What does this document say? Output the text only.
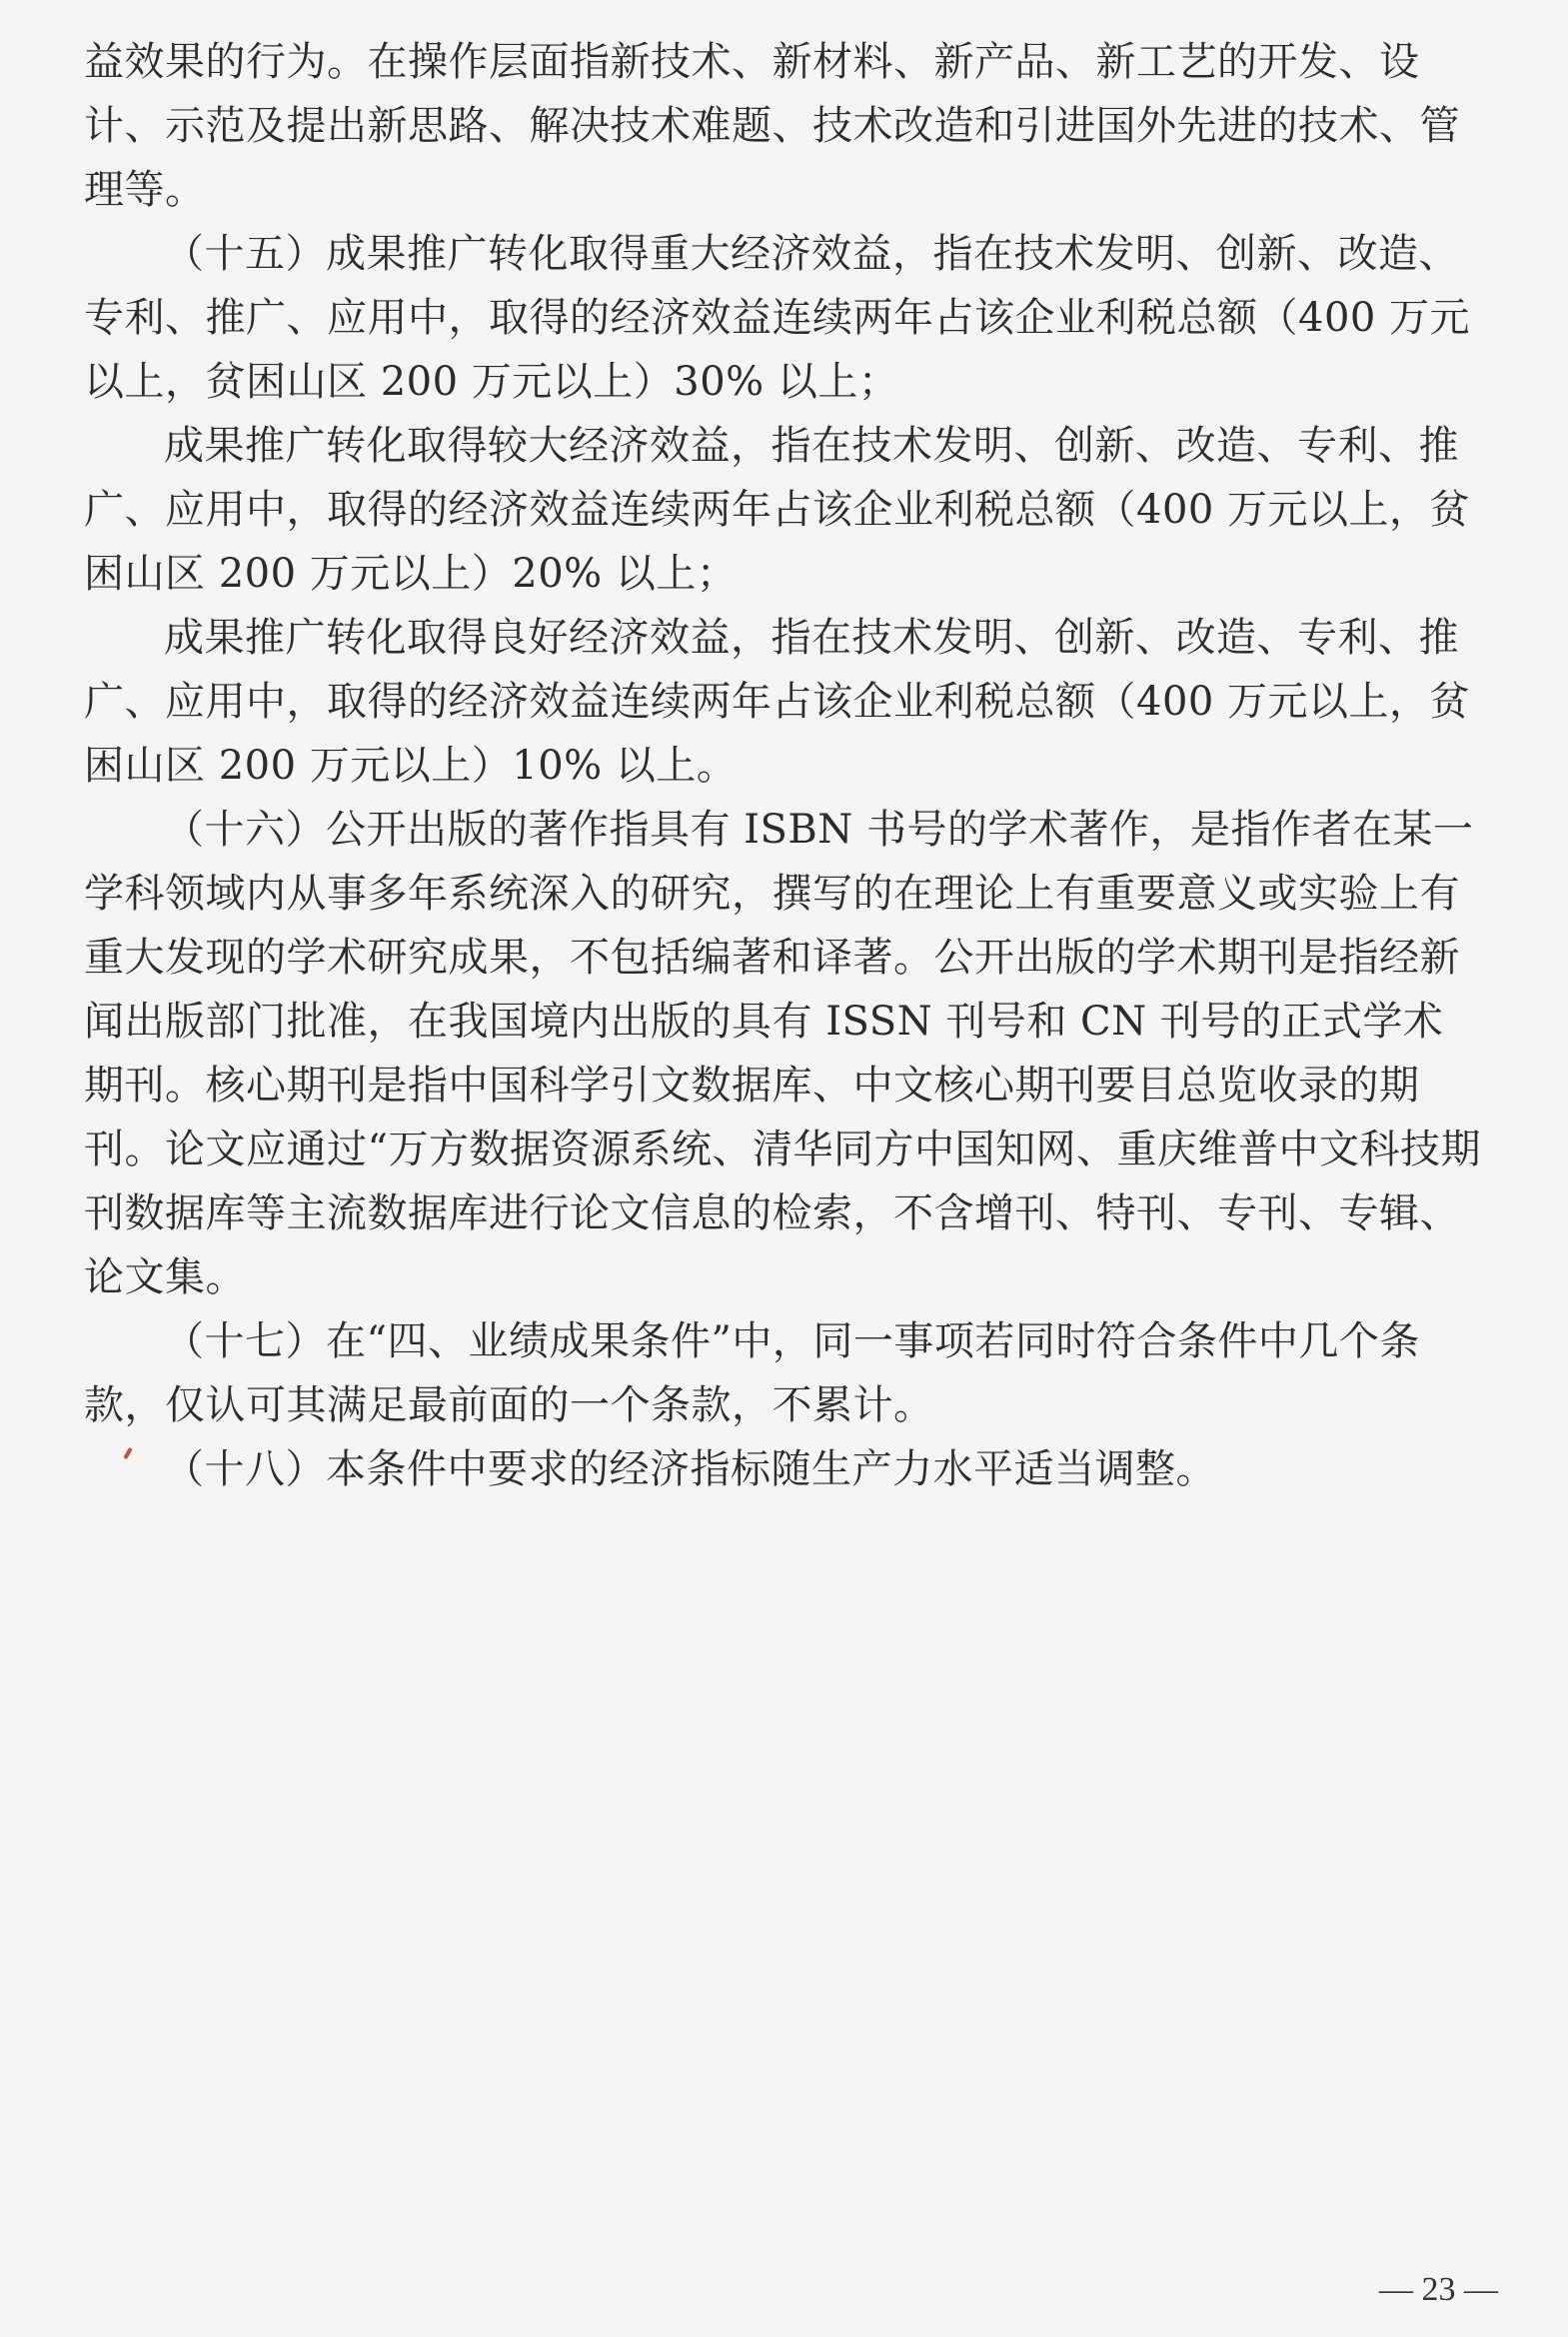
益效果的行为。在操作层面指新技术、新材料、新产品、新工艺的开发、设计、示范及提出新思路、解决技术难题、技术改造和引进国外先进的技术、管理等。

（十五）成果推广转化取得重大经济效益，指在技术发明、创新、改造、专利、推广、应用中，取得的经济效益连续两年占该企业利税总额（400 万元以上，贫困山区 200 万元以上）30% 以上；

成果推广转化取得较大经济效益，指在技术发明、创新、改造、专利、推广、应用中，取得的经济效益连续两年占该企业利税总额（400 万元以上，贫困山区 200 万元以上）20% 以上；

成果推广转化取得良好经济效益，指在技术发明、创新、改造、专利、推广、应用中，取得的经济效益连续两年占该企业利税总额（400 万元以上，贫困山区 200 万元以上）10% 以上。

（十六）公开出版的著作指具有 ISBN 书号的学术著作，是指作者在某一学科领域内从事多年系统深入的研究，撰写的在理论上有重要意义或实验上有重大发现的学术研究成果，不包括编著和译著。公开出版的学术期刊是指经新闻出版部门批准，在我国境内出版的具有 ISSN 刊号和 CN 刊号的正式学术期刊。核心期刊是指中国科学引文数据库、中文核心期刊要目总览收录的期刊。论文应通过“万方数据资源系统、清华同方中国知网、重庆维普中文科技期刊数据库等主流数据库进行论文信息的检索，不含增刊、特刊、专刊、专辑、论文集。

（十七）在“四、业绩成果条件”中，同一事项若同时符合条件中几个条款，仅认可其满足最前面的一个条款，不累计。

（十八）本条件中要求的经济指标随生产力水平适当调整。

— 23 —
